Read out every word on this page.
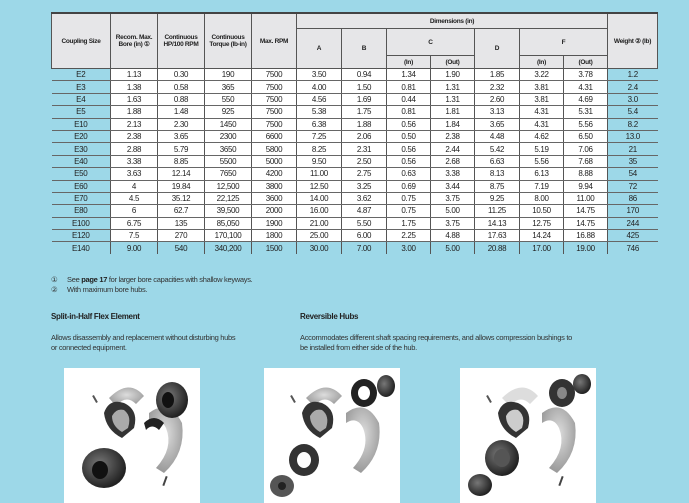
Coupling Size	Recom. Max. Bore (in) ①	Continuous HP/100 RPM	Continuous Torque (lb-in)	Max. RPM	Dimensions (in)							Weight ② (lb)
					A	B	C		D	F		
							(In)	(Out)		(In)	(Out)	
E2	1.13	0.30	190	7500	3.50	0.94	1.34	1.90	1.85	3.22	3.78	1.2
E3	1.38	0.58	365	7500	4.00	1.50	0.81	1.31	2.32	3.81	4.31	2.4
E4	1.63	0.88	550	7500	4.56	1.69	0.44	1.31	2.60	3.81	4.69	3.0
E5	1.88	1.48	925	7500	5.38	1.75	0.81	1.81	3.13	4.31	5.31	5.4
E10	2.13	2.30	1450	7500	6.38	1.88	0.56	1.84	3.65	4.31	5.56	8.2
E20	2.38	3.65	2300	6600	7.25	2.06	0.50	2.38	4.48	4.62	6.50	13.0
E30	2.88	5.79	3650	5800	8.25	2.31	0.56	2.44	5.42	5.19	7.06	21
E40	3.38	8.85	5500	5000	9.50	2.50	0.56	2.68	6.63	5.56	7.68	35
E50	3.63	12.14	7650	4200	11.00	2.75	0.63	3.38	8.13	6.13	8.88	54
E60	4	19.84	12,500	3800	12.50	3.25	0.69	3.44	8.75	7.19	9.94	72
E70	4.5	35.12	22,125	3600	14.00	3.62	0.75	3.75	9.25	8.00	11.00	86
E80	6	62.7	39,500	2000	16.00	4.87	0.75	5.00	11.25	10.50	14.75	170
E100	6.75	135	85,050	1900	21.00	5.50	1.75	3.75	14.13	12.75	14.75	244
E120	7.5	270	170,100	1800	25.00	6.00	2.25	4.88	17.63	14.24	16.88	425
E140	9.00	540	340,200	1500	30.00	7.00	3.00	5.00	20.88	17.00	19.00	746
① See page 17 for larger bore capacities with shallow keyways.
② With maximum bore hubs.
Split-in-Half Flex Element

Allows disassembly and replacement without disturbing hubs
or connected equipment.

Reversible Hubs

Accommodates different shaft spacing requirements, and allows compression bushings to
be installed from either side of the hub.
